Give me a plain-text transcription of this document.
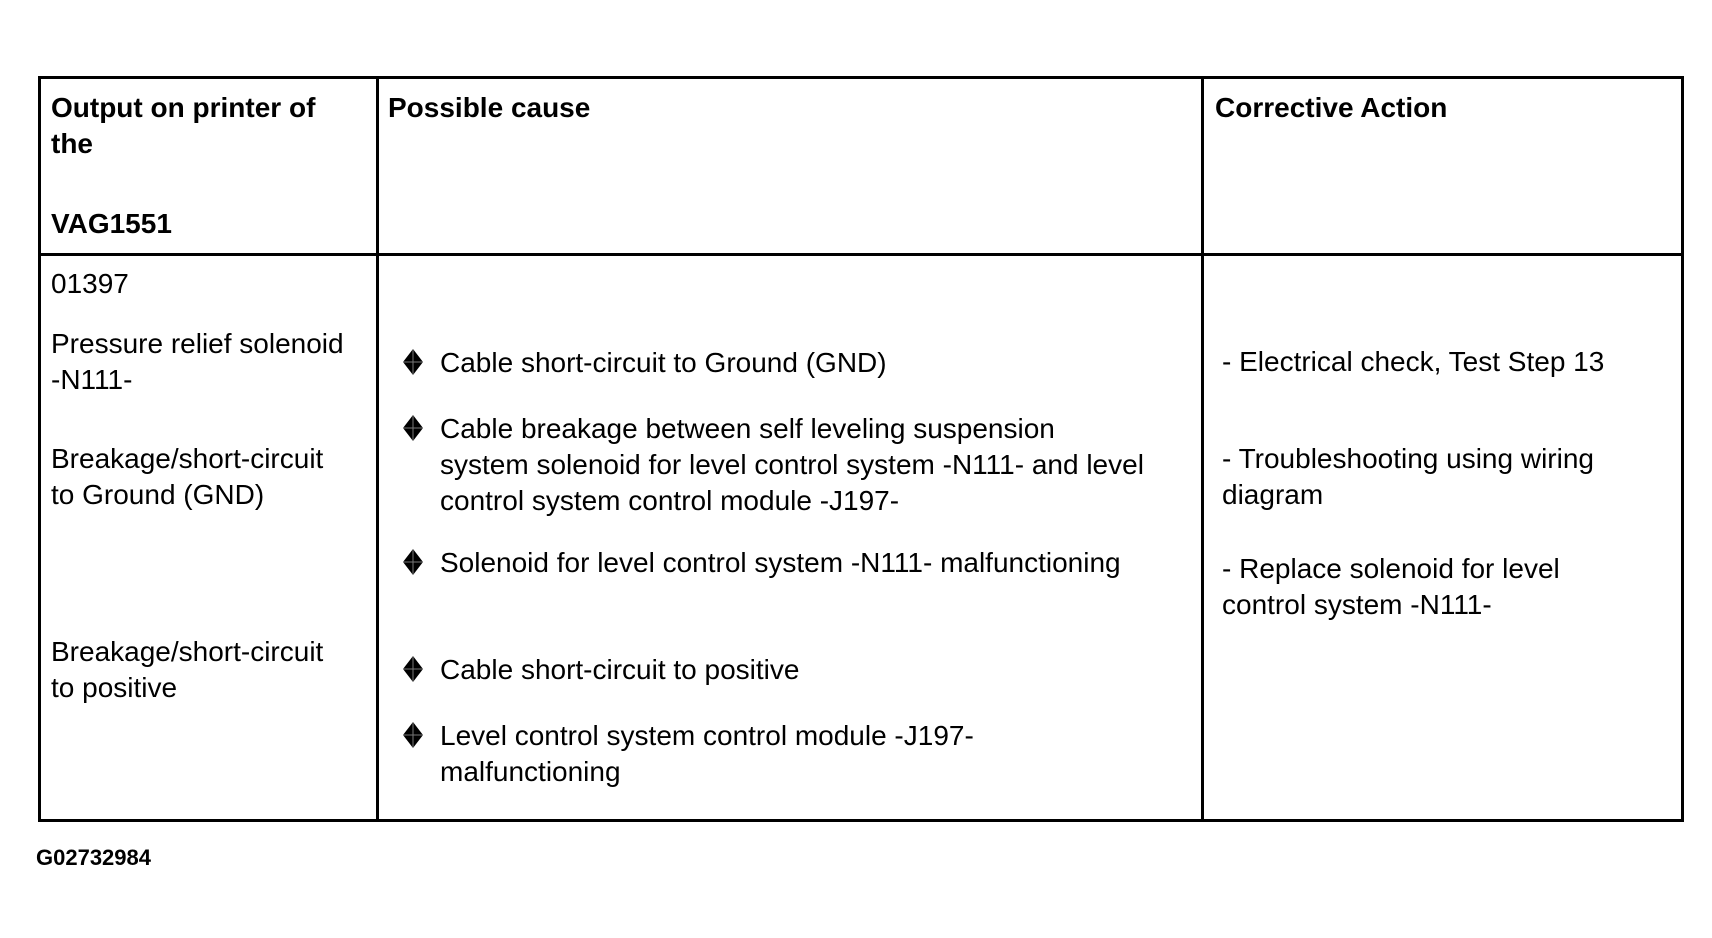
Output on printer of
the
VAG1551
Possible cause	Corrective Action
01397
Pressure relief solenoid
-N111-
Breakage/short-circuit
to Ground (GND)
Breakage/short-circuit
to positive
Cable short-circuit to Ground (GND)
Cable breakage between self leveling suspension
system solenoid for level control system -N111- and level
control system control module -J197-
Solenoid for level control system -N111- malfunctioning
Cable short-circuit to positive
Level control system control module -J197-
malfunctioning
- Electrical check, Test Step 13
- Troubleshooting using wiring
diagram
- Replace solenoid for level
control system -N111-
G02732984
